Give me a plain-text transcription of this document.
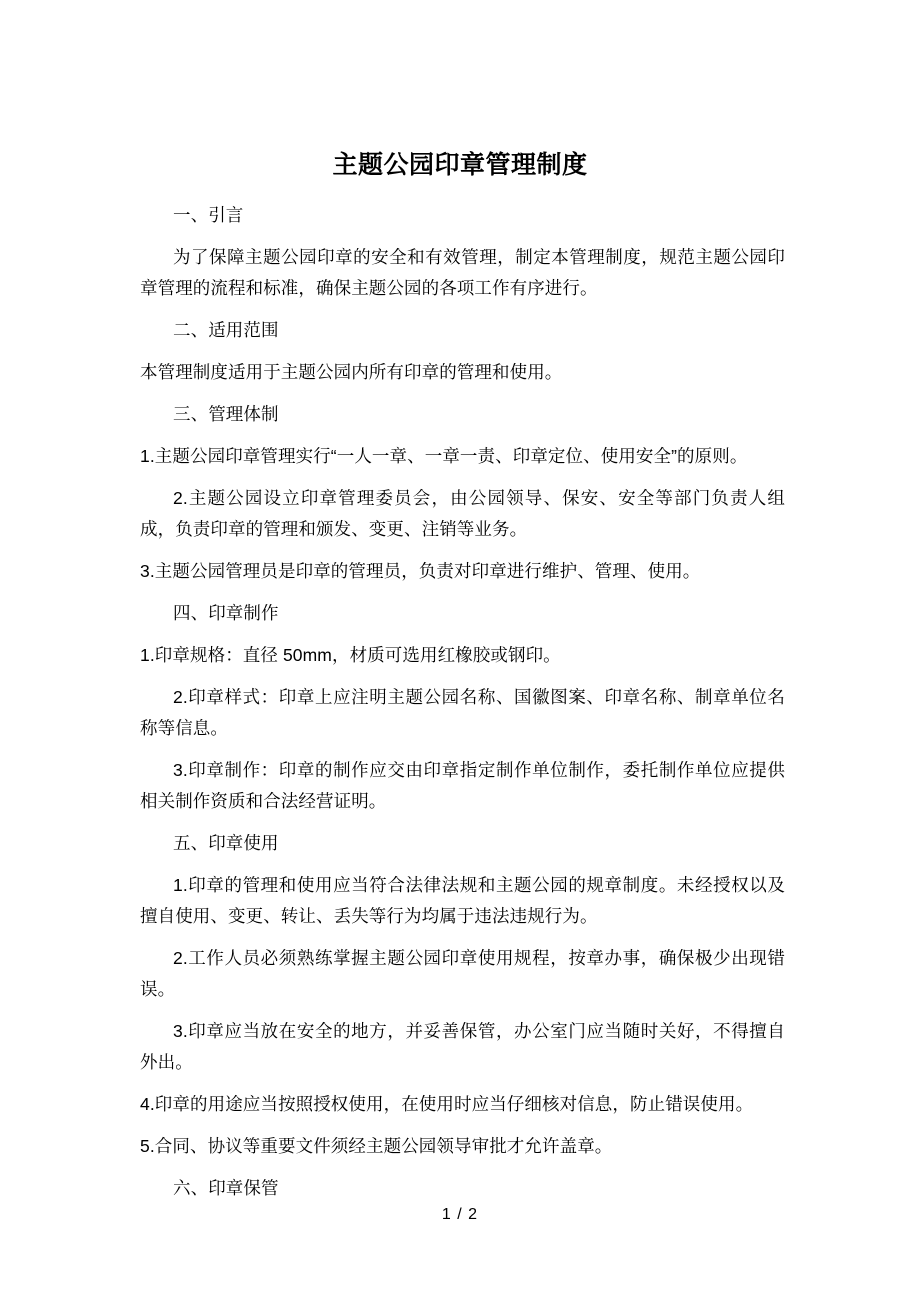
主题公园印章管理制度

一、引言

为了保障主题公园印章的安全和有效管理，制定本管理制度，规范主题公园印章管理的流程和标准，确保主题公园的各项工作有序进行。

二、适用范围

本管理制度适用于主题公园内所有印章的管理和使用。

三、管理体制

1.主题公园印章管理实行“一人一章、一章一责、印章定位、使用安全”的原则。

2.主题公园设立印章管理委员会，由公园领导、保安、安全等部门负责人组成，负责印章的管理和颁发、变更、注销等业务。

3.主题公园管理员是印章的管理员，负责对印章进行维护、管理、使用。

四、印章制作

1.印章规格：直径 50mm，材质可选用红橡胶或钢印。

2.印章样式：印章上应注明主题公园名称、国徽图案、印章名称、制章单位名称等信息。

3.印章制作：印章的制作应交由印章指定制作单位制作，委托制作单位应提供相关制作资质和合法经营证明。

五、印章使用

1.印章的管理和使用应当符合法律法规和主题公园的规章制度。未经授权以及擅自使用、变更、转让、丢失等行为均属于违法违规行为。

2.工作人员必须熟练掌握主题公园印章使用规程，按章办事，确保极少出现错误。

3.印章应当放在安全的地方，并妥善保管，办公室门应当随时关好，不得擅自外出。

4.印章的用途应当按照授权使用，在使用时应当仔细核对信息，防止错误使用。

5.合同、协议等重要文件须经主题公园领导审批才允许盖章。

六、印章保管

1 / 2
